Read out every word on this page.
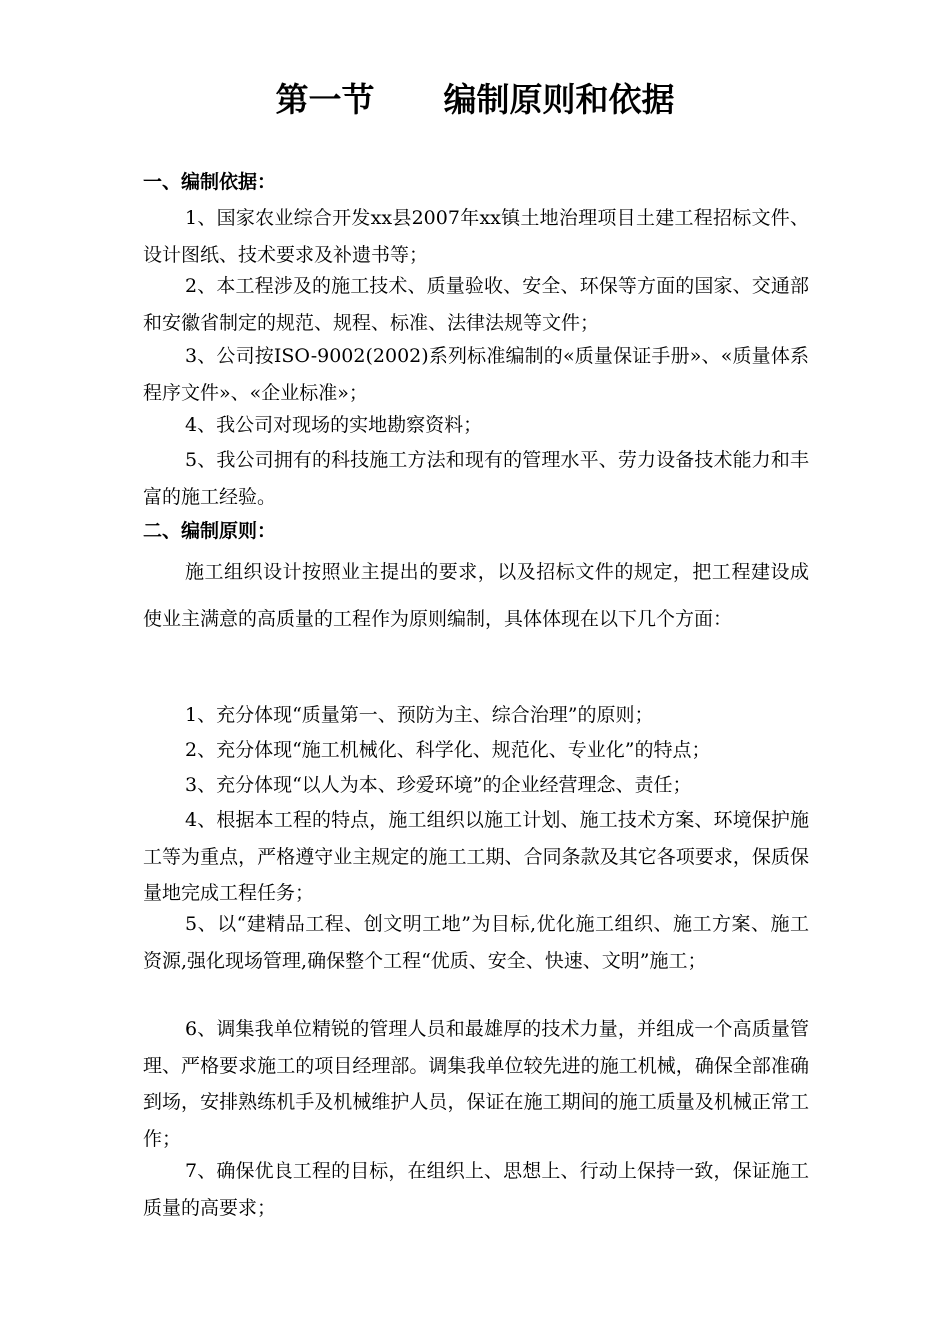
第一节      编制原则和依据
一、编制依据：
1、国家农业综合开发xx县2007年xx镇土地治理项目土建工程招标文件、设计图纸、技术要求及补遗书等；
2、本工程涉及的施工技术、质量验收、安全、环保等方面的国家、交通部和安徽省制定的规范、规程、标准、法律法规等文件；
3、公司按ISO-9002(2002)系列标准编制的«质量保证手册»、«质量体系程序文件»、«企业标准»；
4、我公司对现场的实地勘察资料；
5、我公司拥有的科技施工方法和现有的管理水平、劳力设备技术能力和丰富的施工经验。
二、编制原则：
施工组织设计按照业主提出的要求，以及招标文件的规定，把工程建设成使业主满意的高质量的工程作为原则编制，具体体现在以下几个方面：
1、充分体现“质量第一、预防为主、综合治理”的原则；
2、充分体现“施工机械化、科学化、规范化、专业化”的特点；
3、充分体现“以人为本、珍爱环境”的企业经营理念、责任；
4、根据本工程的特点，施工组织以施工计划、施工技术方案、环境保护施工等为重点，严格遵守业主规定的施工工期、合同条款及其它各项要求，保质保量地完成工程任务；
5、以“建精品工程、创文明工地”为目标,优化施工组织、施工方案、施工资源,强化现场管理,确保整个工程“优质、安全、快速、文明”施工；
6、调集我单位精锐的管理人员和最雄厚的技术力量，并组成一个高质量管理、严格要求施工的项目经理部。调集我单位较先进的施工机械，确保全部准确到场，安排熟练机手及机械维护人员，保证在施工期间的施工质量及机械正常工作；
7、确保优良工程的目标，在组织上、思想上、行动上保持一致，保证施工质量的高要求；
